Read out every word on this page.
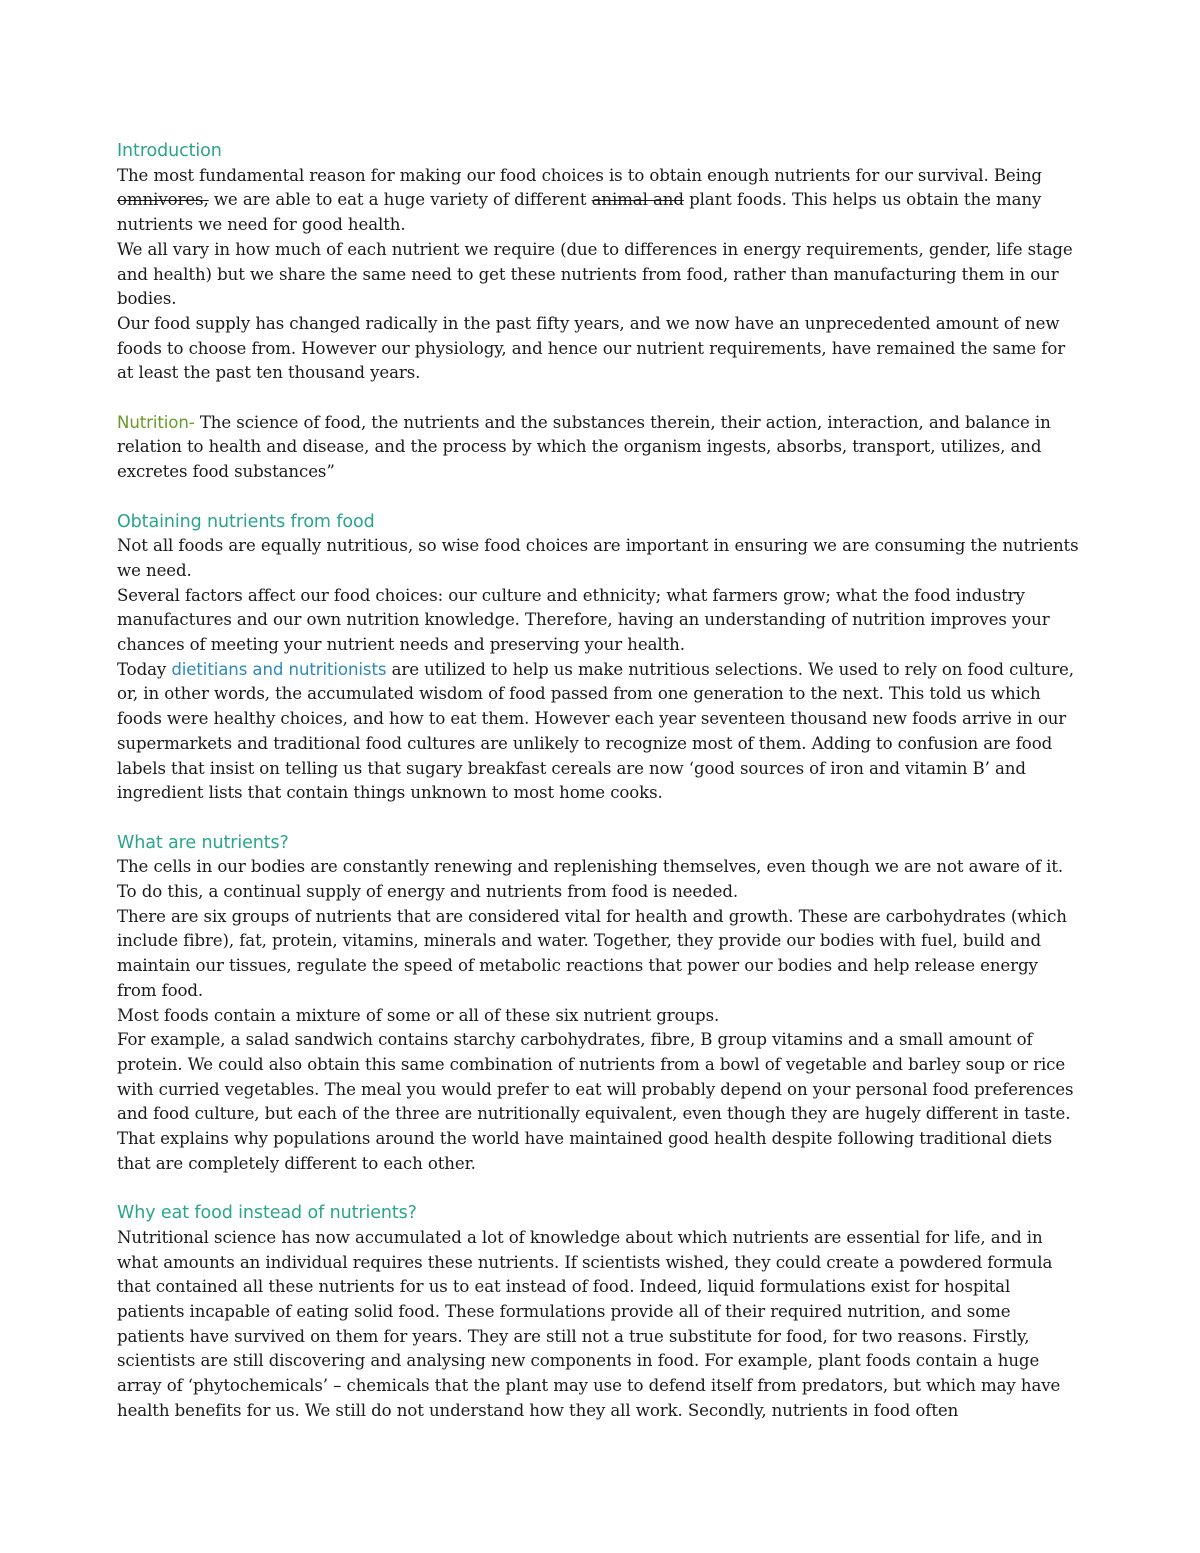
Introduction

The most fundamental reason for making our food choices is to obtain enough nutrients for our survival. Being omnivores, we are able to eat a huge variety of different animal and plant foods. This helps us obtain the many nutrients we need for good health.

We all vary in how much of each nutrient we require (due to differences in energy requirements, gender, life stage and health) but we share the same need to get these nutrients from food, rather than manufacturing them in our bodies.

Our food supply has changed radically in the past fifty years, and we now have an unprecedented amount of new foods to choose from. However our physiology, and hence our nutrient requirements, have remained the same for at least the past ten thousand years.

Nutrition- The science of food, the nutrients and the substances therein, their action, interaction, and balance in relation to health and disease, and the process by which the organism ingests, absorbs, transport, utilizes, and excretes food substances”

Obtaining nutrients from food

Not all foods are equally nutritious, so wise food choices are important in ensuring we are consuming the nutrients we need.

Several factors affect our food choices: our culture and ethnicity; what farmers grow; what the food industry manufactures and our own nutrition knowledge. Therefore, having an understanding of nutrition improves your chances of meeting your nutrient needs and preserving your health.

Today dietitians and nutritionists are utilized to help us make nutritious selections. We used to rely on food culture, or, in other words, the accumulated wisdom of food passed from one generation to the next. This told us which foods were healthy choices, and how to eat them. However each year seventeen thousand new foods arrive in our supermarkets and traditional food cultures are unlikely to recognize most of them. Adding to confusion are food labels that insist on telling us that sugary breakfast cereals are now ‘good sources of iron and vitamin B’ and ingredient lists that contain things unknown to most home cooks.

What are nutrients?

The cells in our bodies are constantly renewing and replenishing themselves, even though we are not aware of it. To do this, a continual supply of energy and nutrients from food is needed.

There are six groups of nutrients that are considered vital for health and growth. These are carbohydrates (which include fibre), fat, protein, vitamins, minerals and water. Together, they provide our bodies with fuel, build and maintain our tissues, regulate the speed of metabolic reactions that power our bodies and help release energy from food.

Most foods contain a mixture of some or all of these six nutrient groups.

For example, a salad sandwich contains starchy carbohydrates, fibre, B group vitamins and a small amount of protein. We could also obtain this same combination of nutrients from a bowl of vegetable and barley soup or rice with curried vegetables. The meal you would prefer to eat will probably depend on your personal food preferences and food culture, but each of the three are nutritionally equivalent, even though they are hugely different in taste. That explains why populations around the world have maintained good health despite following traditional diets that are completely different to each other.

Why eat food instead of nutrients?

Nutritional science has now accumulated a lot of knowledge about which nutrients are essential for life, and in what amounts an individual requires these nutrients. If scientists wished, they could create a powdered formula that contained all these nutrients for us to eat instead of food. Indeed, liquid formulations exist for hospital patients incapable of eating solid food. These formulations provide all of their required nutrition, and some patients have survived on them for years. They are still not a true substitute for food, for two reasons. Firstly, scientists are still discovering and analysing new components in food. For example, plant foods contain a huge array of ‘phytochemicals’ – chemicals that the plant may use to defend itself from predators, but which may have health benefits for us. We still do not understand how they all work. Secondly, nutrients in food often
